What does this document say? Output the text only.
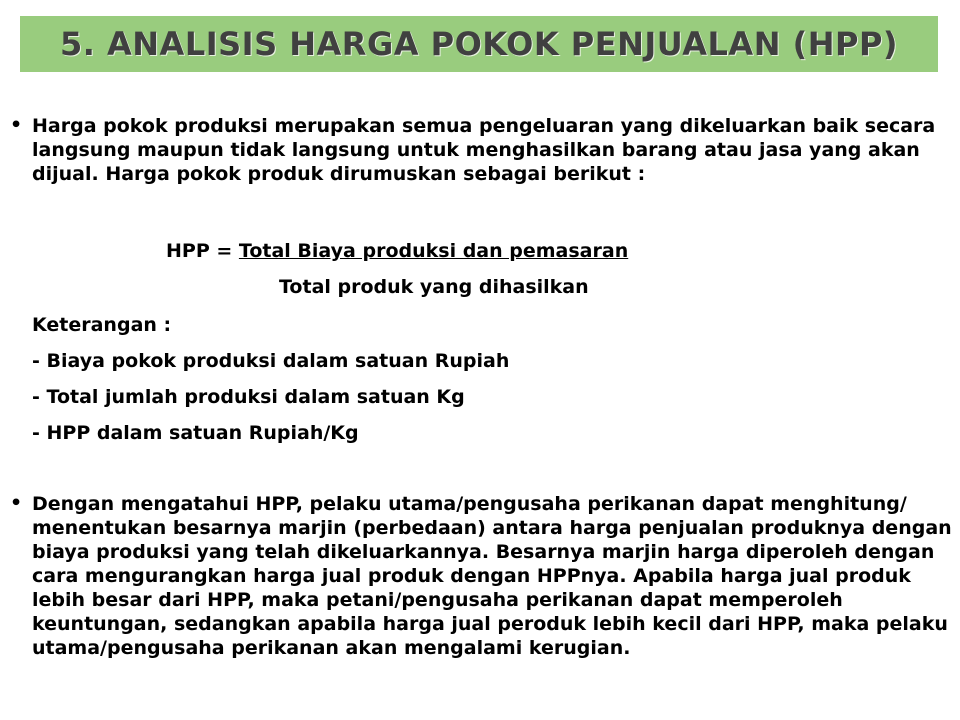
5. ANALISIS HARGA POKOK PENJUALAN (HPP)
• Harga pokok produksi merupakan semua pengeluaran yang dikeluarkan baik secara langsung maupun tidak langsung untuk menghasilkan barang atau jasa yang akan dijual. Harga pokok produk dirumuskan sebagai berikut :
HPP = Total Biaya produksi dan pemasaran
Total produk yang dihasilkan
Keterangan :
- Biaya pokok produksi dalam satuan Rupiah
- Total jumlah produksi dalam satuan Kg
- HPP dalam satuan Rupiah/Kg
• Dengan mengatahui HPP, pelaku utama/pengusaha perikanan dapat menghitung/ menentukan besarnya marjin (perbedaan) antara harga penjualan produknya dengan biaya produksi yang telah dikeluarkannya. Besarnya marjin harga diperoleh dengan cara mengurangkan harga jual produk dengan HPPnya. Apabila harga jual produk lebih besar dari HPP, maka petani/pengusaha perikanan dapat memperoleh keuntungan, sedangkan apabila harga jual peroduk lebih kecil dari HPP, maka pelaku utama/pengusaha perikanan akan mengalami kerugian.
